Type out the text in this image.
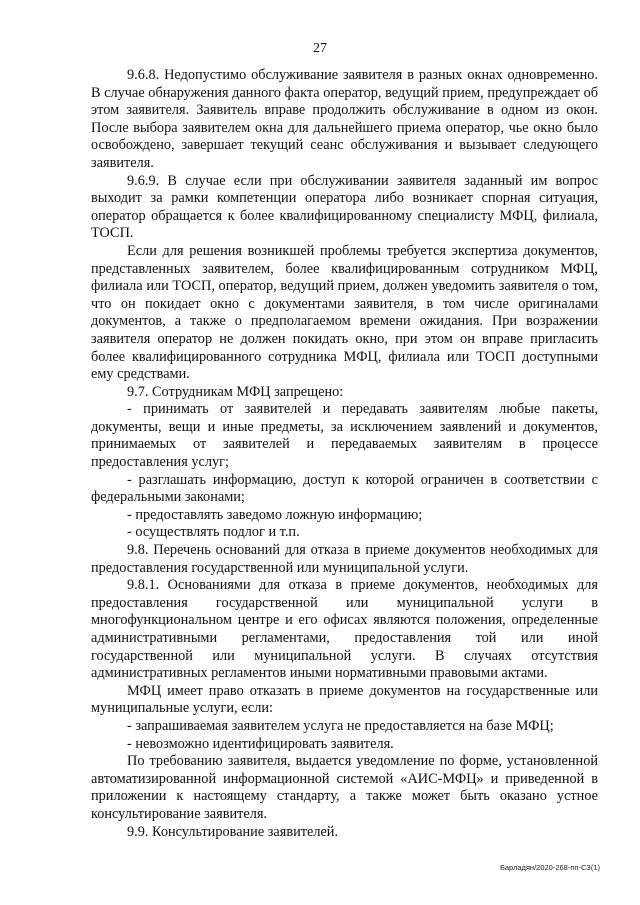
27

9.6.8. Недопустимо обслуживание заявителя в разных окнах одновременно. В случае обнаружения данного факта оператор, ведущий прием, предупреждает об этом заявителя. Заявитель вправе продолжить обслуживание в одном из окон. После выбора заявителем окна для дальнейшего приема оператор, чье окно было освобождено, завершает текущий сеанс обслуживания и вызывает следующего заявителя.

9.6.9. В случае если при обслуживании заявителя заданный им вопрос выходит за рамки компетенции оператора либо возникает спорная ситуация, оператор обращается к более квалифицированному специалисту МФЦ, филиала, ТОСП.

Если для решения возникшей проблемы требуется экспертиза документов, представленных заявителем, более квалифицированным сотрудником МФЦ, филиала или ТОСП, оператор, ведущий прием, должен уведомить заявителя о том, что он покидает окно с документами заявителя, в том числе оригиналами документов, а также о предполагаемом времени ожидания. При возражении заявителя оператор не должен покидать окно, при этом он вправе пригласить более квалифицированного сотрудника МФЦ, филиала или ТОСП доступными ему средствами.

9.7. Сотрудникам МФЦ запрещено:

- принимать от заявителей и передавать заявителям любые пакеты, документы, вещи и иные предметы, за исключением заявлений и документов, принимаемых от заявителей и передаваемых заявителям в процессе предоставления услуг;

- разглашать информацию, доступ к которой ограничен в соответствии с федеральными законами;

- предоставлять заведомо ложную информацию;

- осуществлять подлог и т.п.

9.8. Перечень оснований для отказа в приеме документов необходимых для предоставления государственной или муниципальной услуги.

9.8.1. Основаниями для отказа в приеме документов, необходимых для предоставления государственной или муниципальной услуги в многофункциональном центре и его офисах являются положения, определенные административными регламентами, предоставления той или иной государственной или муниципальной услуги. В случаях отсутствия административных регламентов иными нормативными правовыми актами.

МФЦ имеет право отказать в приеме документов на государственные или муниципальные услуги, если:

- запрашиваемая заявителем услуга не предоставляется на базе МФЦ;

- невозможно идентифицировать заявителя.

По требованию заявителя, выдается уведомление по форме, установленной автоматизированной информационной системой «АИС-МФЦ» и приведенной в приложении к настоящему стандарту, а также может быть оказано устное консультирование заявителя.

9.9. Консультирование заявителей.

Барладян/2020-268-пп-СЗ(1)
